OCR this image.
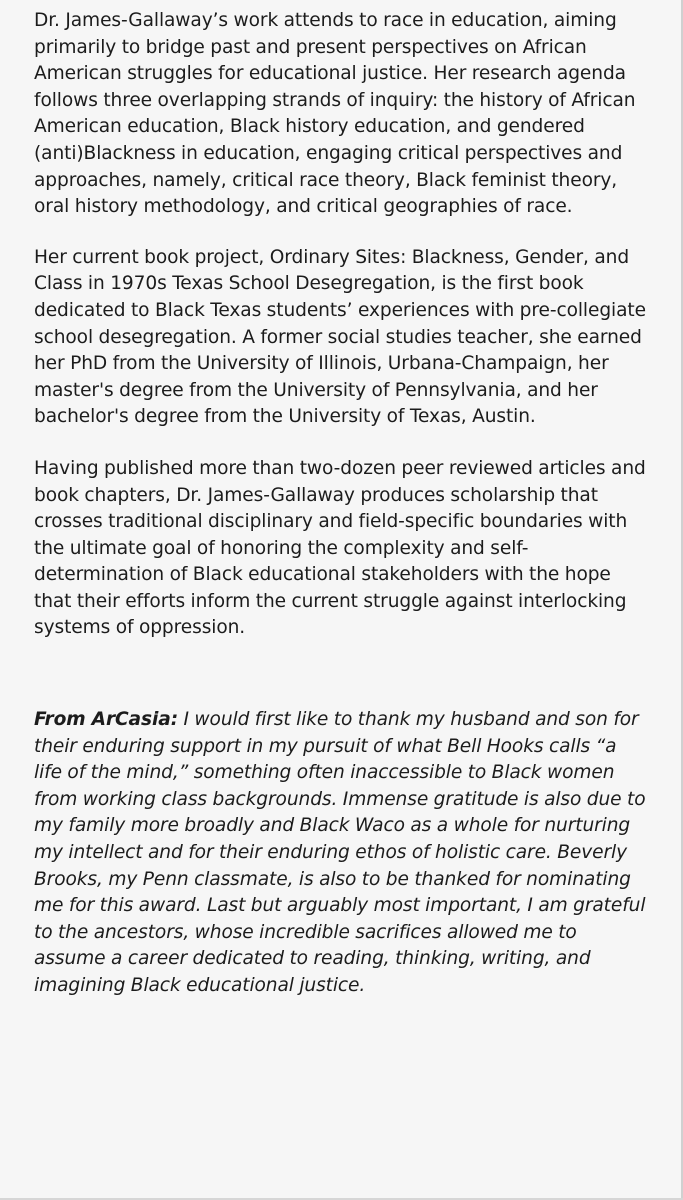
Dr. James-Gallaway’s work attends to race in education, aiming primarily to bridge past and present perspectives on African American struggles for educational justice. Her research agenda follows three overlapping strands of inquiry: the history of African American education, Black history education, and gendered (anti)Blackness in education, engaging critical perspectives and approaches, namely, critical race theory, Black feminist theory, oral history methodology, and critical geographies of race.

Her current book project, Ordinary Sites: Blackness, Gender, and Class in 1970s Texas School Desegregation, is the first book dedicated to Black Texas students’ experiences with pre-collegiate school desegregation. A former social studies teacher, she earned her PhD from the University of Illinois, Urbana-Champaign, her master's degree from the University of Pennsylvania, and her bachelor's degree from the University of Texas, Austin.

Having published more than two-dozen peer reviewed articles and book chapters, Dr. James-Gallaway produces scholarship that crosses traditional disciplinary and field-specific boundaries with the ultimate goal of honoring the complexity and self-determination of Black educational stakeholders with the hope that their efforts inform the current struggle against interlocking systems of oppression.

From ArCasia: I would first like to thank my husband and son for their enduring support in my pursuit of what Bell Hooks calls “a life of the mind,” something often inaccessible to Black women from working class backgrounds. Immense gratitude is also due to my family more broadly and Black Waco as a whole for nurturing my intellect and for their enduring ethos of holistic care. Beverly Brooks, my Penn classmate, is also to be thanked for nominating me for this award. Last but arguably most important, I am grateful to the ancestors, whose incredible sacrifices allowed me to assume a career dedicated to reading, thinking, writing, and imagining Black educational justice.
